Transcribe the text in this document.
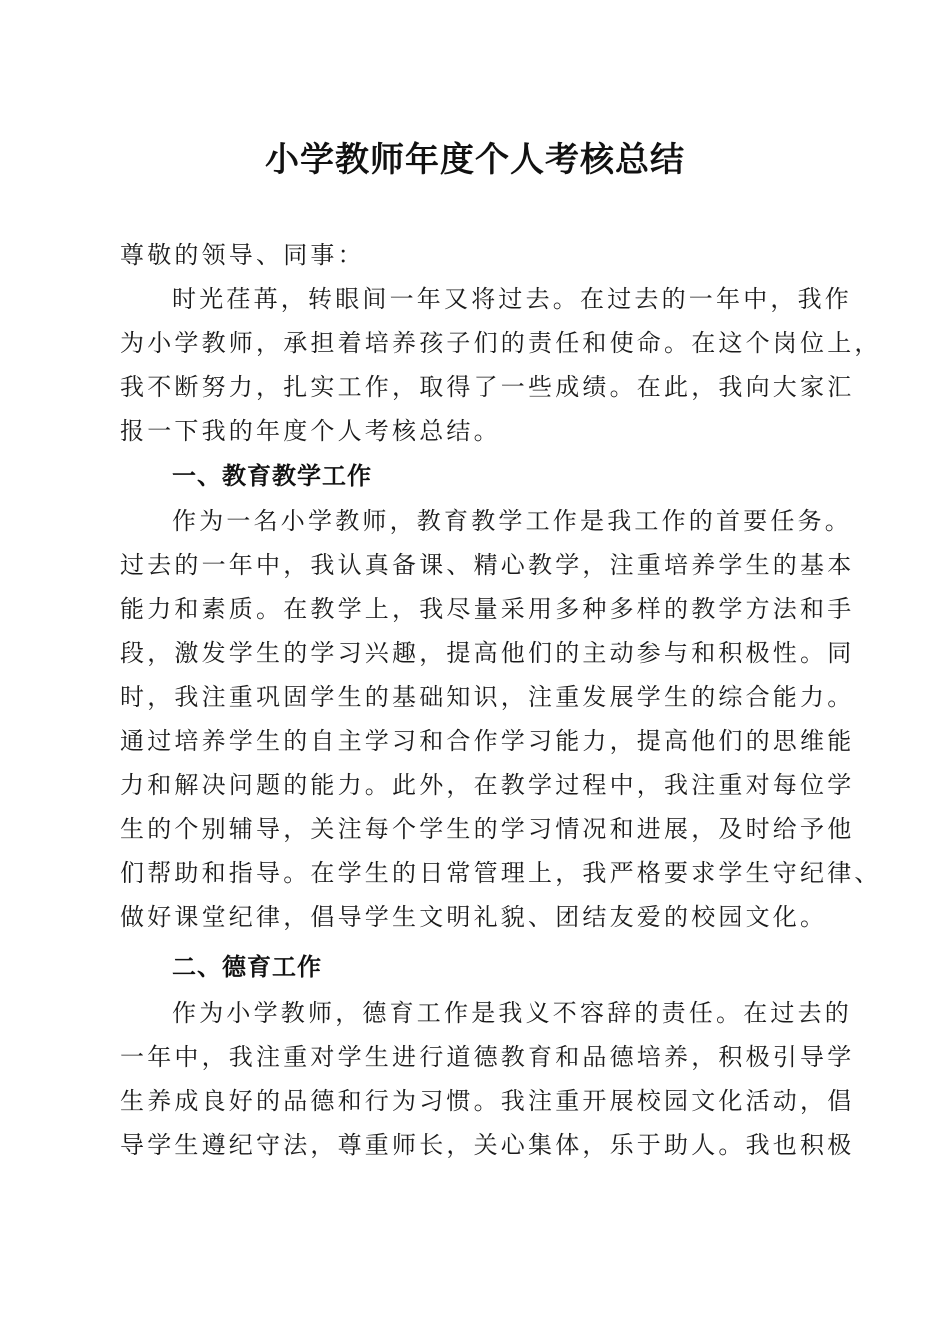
小学教师年度个人考核总结
尊敬的领导、同事：
时光荏苒，转眼间一年又将过去。在过去的一年中，我作
为小学教师，承担着培养孩子们的责任和使命。在这个岗位上，
我不断努力，扎实工作，取得了一些成绩。在此，我向大家汇
报一下我的年度个人考核总结。
一、教育教学工作
作为一名小学教师，教育教学工作是我工作的首要任务。
过去的一年中，我认真备课、精心教学，注重培养学生的基本
能力和素质。在教学上，我尽量采用多种多样的教学方法和手
段，激发学生的学习兴趣，提高他们的主动参与和积极性。同
时，我注重巩固学生的基础知识，注重发展学生的综合能力。
通过培养学生的自主学习和合作学习能力，提高他们的思维能
力和解决问题的能力。此外，在教学过程中，我注重对每位学
生的个别辅导，关注每个学生的学习情况和进展，及时给予他
们帮助和指导。在学生的日常管理上，我严格要求学生守纪律、
做好课堂纪律，倡导学生文明礼貌、团结友爱的校园文化。
二、德育工作
作为小学教师，德育工作是我义不容辞的责任。在过去的
一年中，我注重对学生进行道德教育和品德培养，积极引导学
生养成良好的品德和行为习惯。我注重开展校园文化活动，倡
导学生遵纪守法，尊重师长，关心集体，乐于助人。我也积极
